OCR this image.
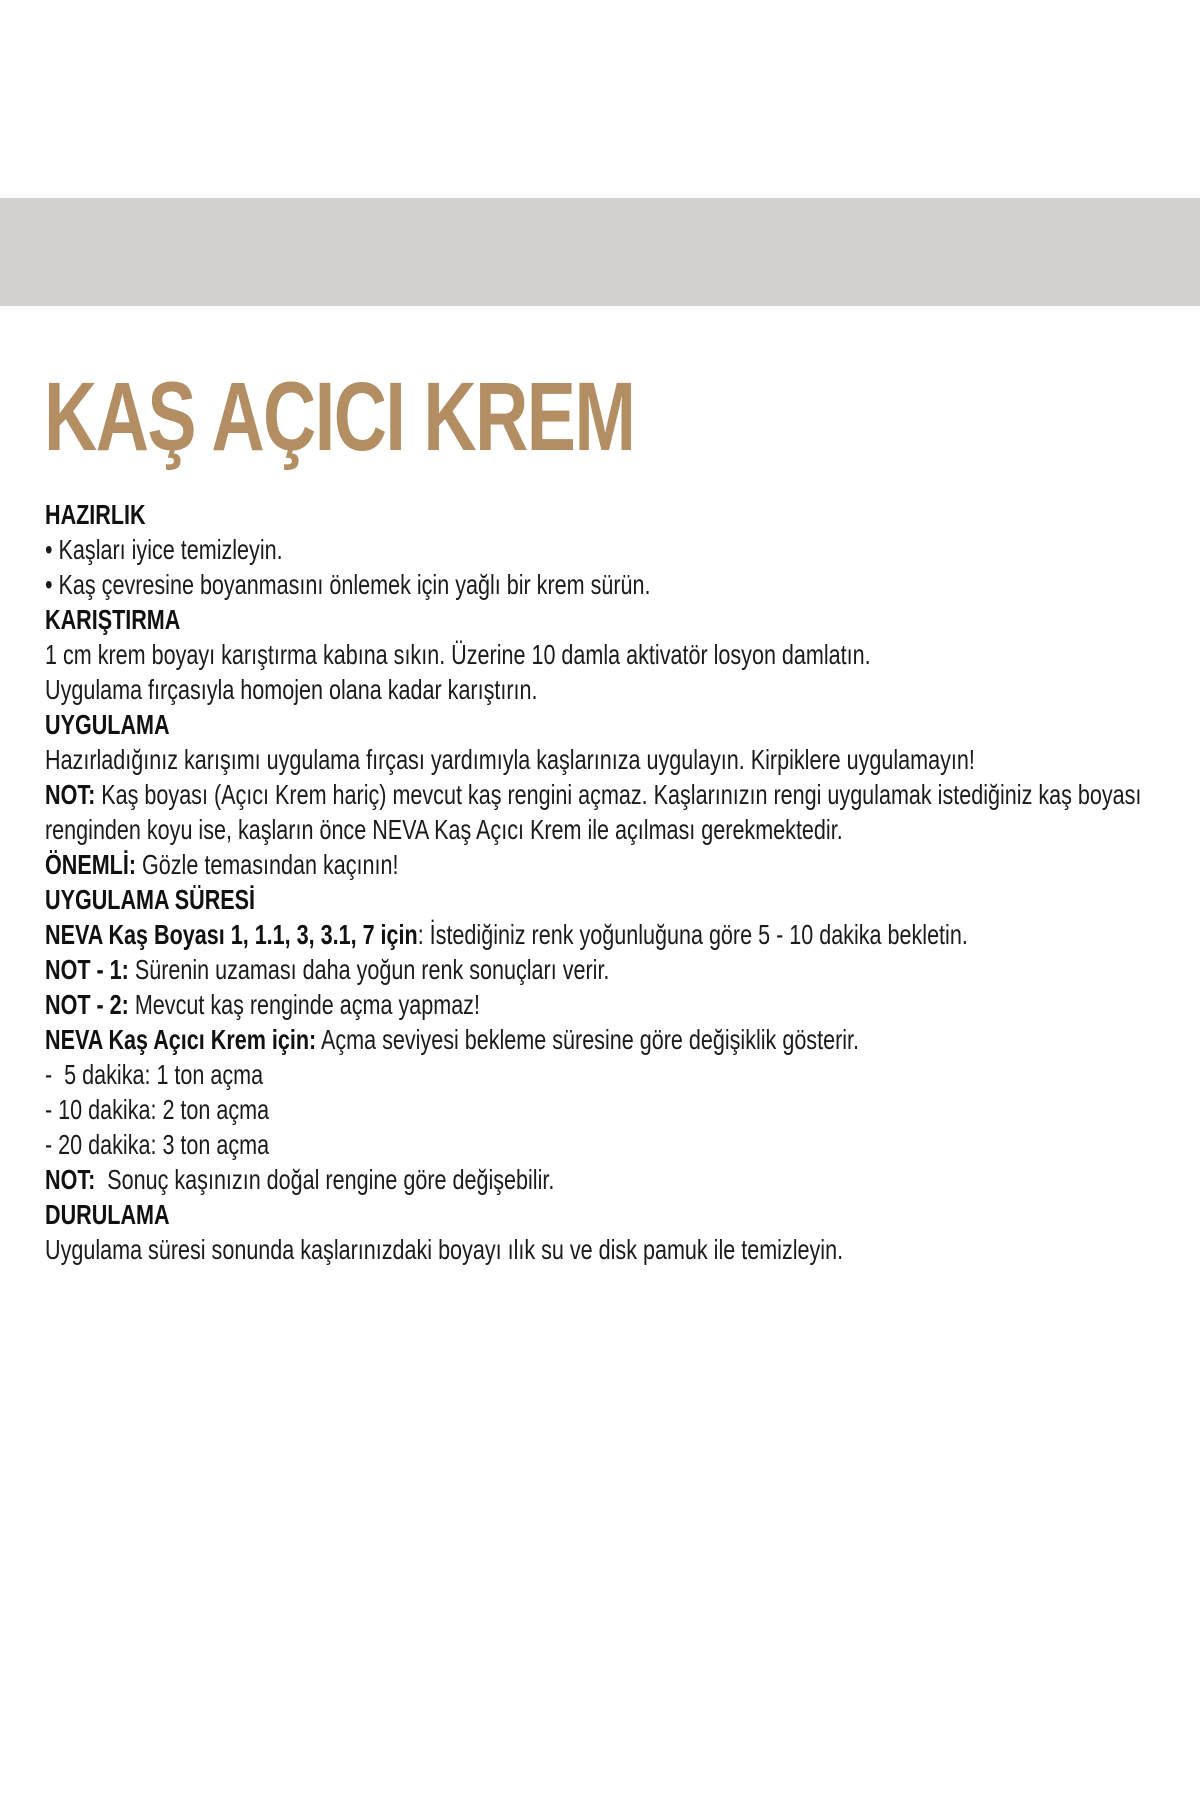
KAŞ AÇICI KREM
HAZIRLIK

• Kaşları iyice temizleyin.

• Kaş çevresine boyanmasını önlemek için yağlı bir krem sürün.

KARIŞTIRMA

1 cm krem boyayı karıştırma kabına sıkın. Üzerine 10 damla aktivatör losyon damlatın.

Uygulama fırçasıyla homojen olana kadar karıştırın.

UYGULAMA

Hazırladığınız karışımı uygulama fırçası yardımıyla kaşlarınıza uygulayın. Kirpiklere uygulamayın!

NOT: Kaş boyası (Açıcı Krem hariç) mevcut kaş rengini açmaz. Kaşlarınızın rengi uygulamak istediğiniz kaş boyası
renginden koyu ise, kaşların önce NEVA Kaş Açıcı Krem ile açılması gerekmektedir.

ÖNEMLİ: Gözle temasından kaçının!

UYGULAMA SÜRESİ

NEVA Kaş Boyası 1, 1.1, 3, 3.1, 7 için: İstediğiniz renk yoğunluğuna göre 5 - 10 dakika bekletin.

NOT - 1: Sürenin uzaması daha yoğun renk sonuçları verir.

NOT - 2: Mevcut kaş renginde açma yapmaz!

NEVA Kaş Açıcı Krem için: Açma seviyesi bekleme süresine göre değişiklik gösterir.

-  5 dakika: 1 ton açma

- 10 dakika: 2 ton açma

- 20 dakika: 3 ton açma

NOT:  Sonuç kaşınızın doğal rengine göre değişebilir.

DURULAMA

Uygulama süresi sonunda kaşlarınızdaki boyayı ılık su ve disk pamuk ile temizleyin.
